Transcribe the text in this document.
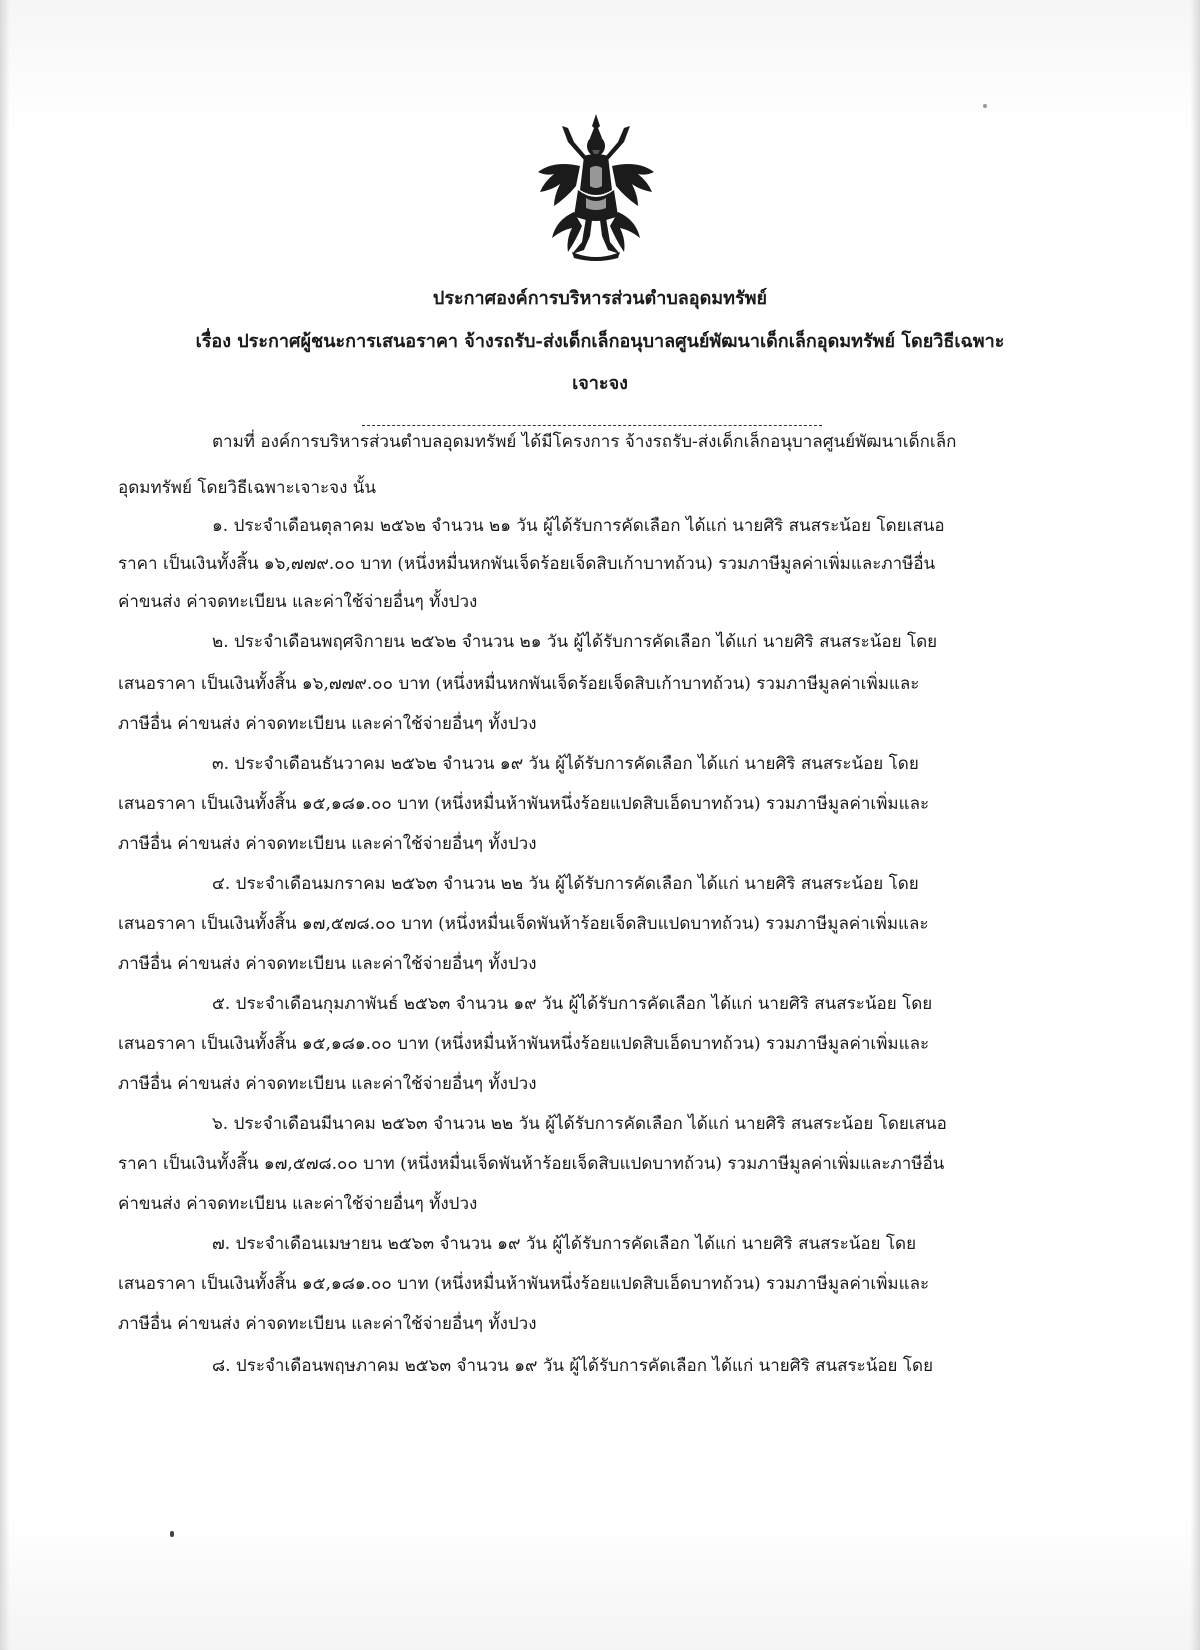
ประกาศองค์การบริหารส่วนตำบลอุดมทรัพย์
เรื่อง ประกาศผู้ชนะการเสนอราคา จ้างรถรับ-ส่งเด็กเล็กอนุบาลศูนย์พัฒนาเด็กเล็กอุดมทรัพย์ โดยวิธีเฉพาะ
เจาะจง
ตามที่ องค์การบริหารส่วนตำบลอุดมทรัพย์ ได้มีโครงการ จ้างรถรับ-ส่งเด็กเล็กอนุบาลศูนย์พัฒนาเด็กเล็ก
อุดมทรัพย์ โดยวิธีเฉพาะเจาะจง นั้น
๑. ประจำเดือนตุลาคม ๒๕๖๒ จำนวน ๒๑ วัน ผู้ได้รับการคัดเลือก ได้แก่ นายศิริ สนสระน้อย โดยเสนอ
ราคา เป็นเงินทั้งสิ้น ๑๖,๗๗๙.๐๐ บาท (หนึ่งหมื่นหกพันเจ็ดร้อยเจ็ดสิบเก้าบาทถ้วน) รวมภาษีมูลค่าเพิ่มและภาษีอื่น
ค่าขนส่ง ค่าจดทะเบียน และค่าใช้จ่ายอื่นๆ ทั้งปวง
๒. ประจำเดือนพฤศจิกายน ๒๕๖๒ จำนวน ๒๑ วัน ผู้ได้รับการคัดเลือก ได้แก่ นายศิริ สนสระน้อย โดย
เสนอราคา เป็นเงินทั้งสิ้น ๑๖,๗๗๙.๐๐ บาท (หนึ่งหมื่นหกพันเจ็ดร้อยเจ็ดสิบเก้าบาทถ้วน) รวมภาษีมูลค่าเพิ่มและ
ภาษีอื่น ค่าขนส่ง ค่าจดทะเบียน และค่าใช้จ่ายอื่นๆ ทั้งปวง
๓. ประจำเดือนธันวาคม ๒๕๖๒ จำนวน ๑๙ วัน ผู้ได้รับการคัดเลือก ได้แก่ นายศิริ สนสระน้อย โดย
เสนอราคา เป็นเงินทั้งสิ้น ๑๕,๑๘๑.๐๐ บาท (หนึ่งหมื่นห้าพันหนึ่งร้อยแปดสิบเอ็ดบาทถ้วน) รวมภาษีมูลค่าเพิ่มและ
ภาษีอื่น ค่าขนส่ง ค่าจดทะเบียน และค่าใช้จ่ายอื่นๆ ทั้งปวง
๔. ประจำเดือนมกราคม ๒๕๖๓ จำนวน ๒๒ วัน ผู้ได้รับการคัดเลือก ได้แก่ นายศิริ สนสระน้อย โดย
เสนอราคา เป็นเงินทั้งสิ้น ๑๗,๕๗๘.๐๐ บาท (หนึ่งหมื่นเจ็ดพันห้าร้อยเจ็ดสิบแปดบาทถ้วน) รวมภาษีมูลค่าเพิ่มและ
ภาษีอื่น ค่าขนส่ง ค่าจดทะเบียน และค่าใช้จ่ายอื่นๆ ทั้งปวง
๕. ประจำเดือนกุมภาพันธ์ ๒๕๖๓ จำนวน ๑๙ วัน ผู้ได้รับการคัดเลือก ได้แก่ นายศิริ สนสระน้อย โดย
เสนอราคา เป็นเงินทั้งสิ้น ๑๕,๑๘๑.๐๐ บาท (หนึ่งหมื่นห้าพันหนึ่งร้อยแปดสิบเอ็ดบาทถ้วน) รวมภาษีมูลค่าเพิ่มและ
ภาษีอื่น ค่าขนส่ง ค่าจดทะเบียน และค่าใช้จ่ายอื่นๆ ทั้งปวง
๖. ประจำเดือนมีนาคม ๒๕๖๓ จำนวน ๒๒ วัน ผู้ได้รับการคัดเลือก ได้แก่ นายศิริ สนสระน้อย โดยเสนอ
ราคา เป็นเงินทั้งสิ้น ๑๗,๕๗๘.๐๐ บาท (หนึ่งหมื่นเจ็ดพันห้าร้อยเจ็ดสิบแปดบาทถ้วน) รวมภาษีมูลค่าเพิ่มและภาษีอื่น
ค่าขนส่ง ค่าจดทะเบียน และค่าใช้จ่ายอื่นๆ ทั้งปวง
๗. ประจำเดือนเมษายน ๒๕๖๓ จำนวน ๑๙ วัน ผู้ได้รับการคัดเลือก ได้แก่ นายศิริ สนสระน้อย โดย
เสนอราคา เป็นเงินทั้งสิ้น ๑๕,๑๘๑.๐๐ บาท (หนึ่งหมื่นห้าพันหนึ่งร้อยแปดสิบเอ็ดบาทถ้วน) รวมภาษีมูลค่าเพิ่มและ
ภาษีอื่น ค่าขนส่ง ค่าจดทะเบียน และค่าใช้จ่ายอื่นๆ ทั้งปวง
๘. ประจำเดือนพฤษภาคม ๒๕๖๓ จำนวน ๑๙ วัน ผู้ได้รับการคัดเลือก ได้แก่ นายศิริ สนสระน้อย โดย
